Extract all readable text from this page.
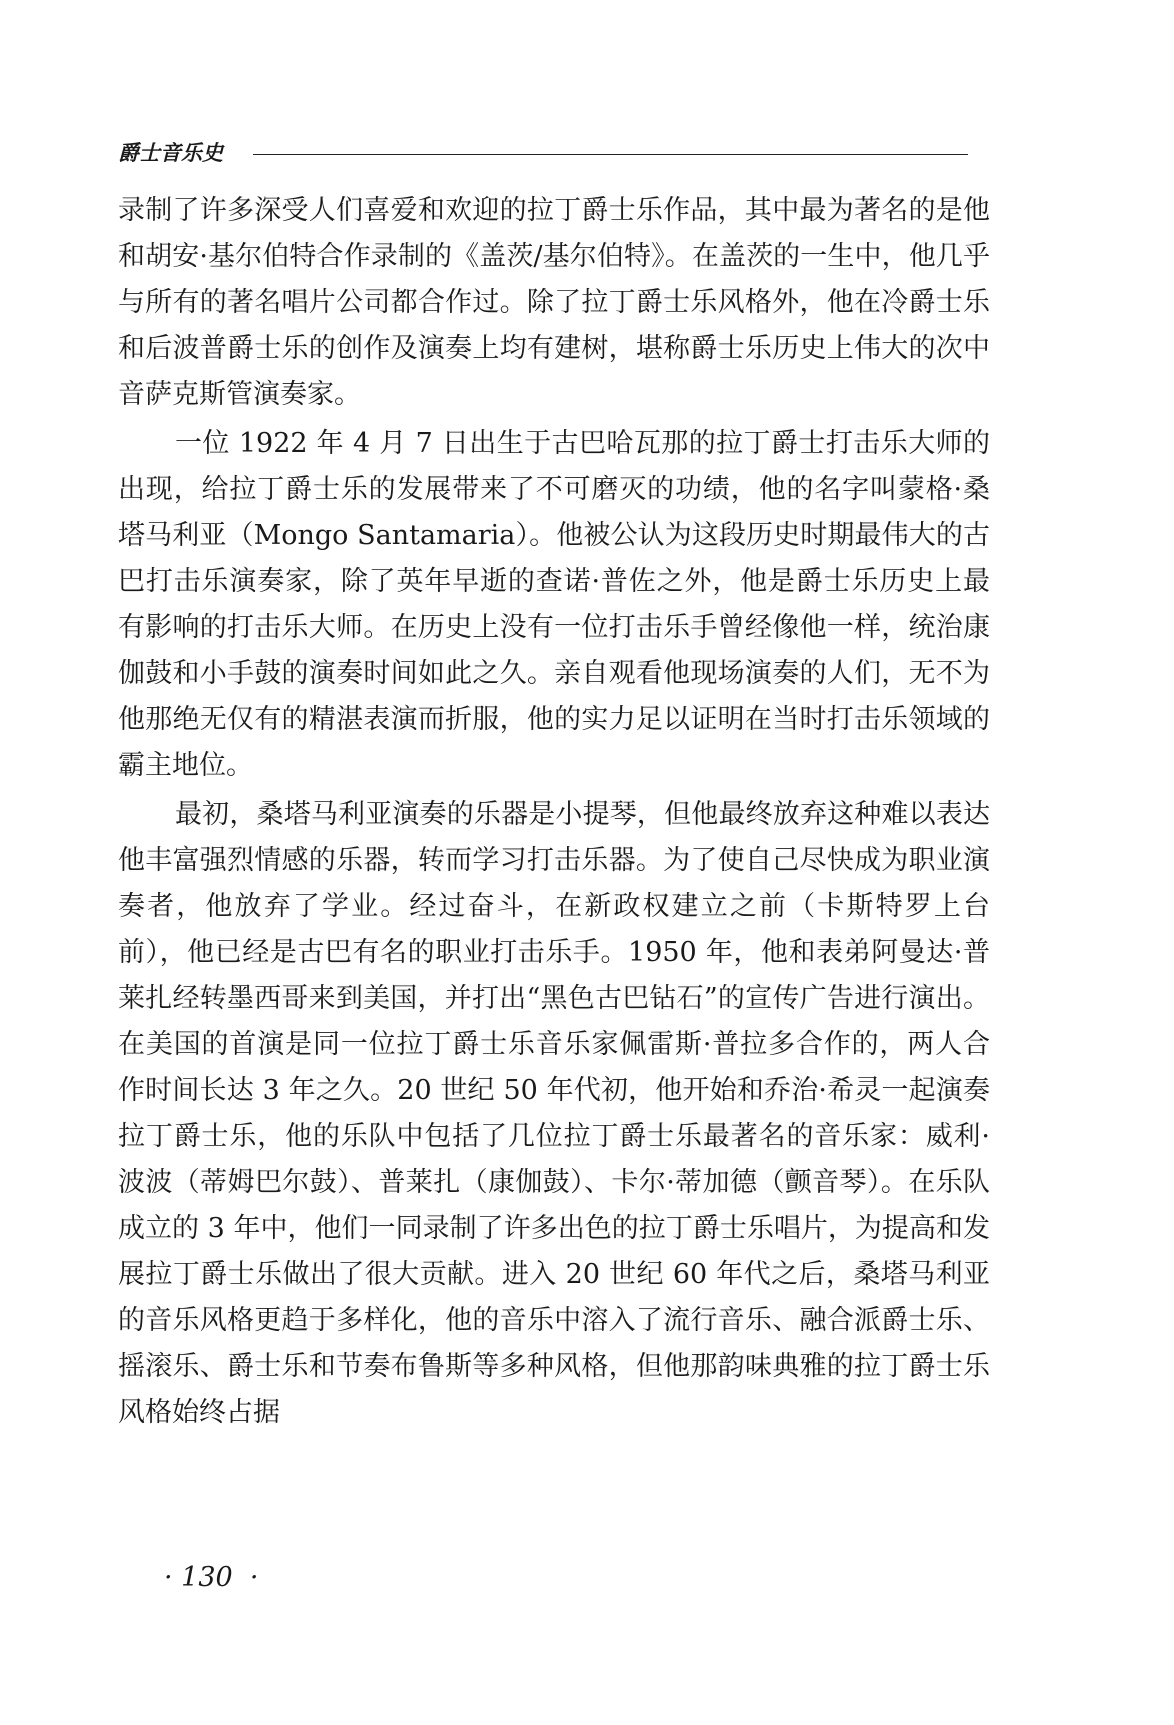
爵士音乐史

录制了许多深受人们喜爱和欢迎的拉丁爵士乐作品，其中最为著名的是他和胡安·基尔伯特合作录制的《盖茨/基尔伯特》。在盖茨的一生中，他几乎与所有的著名唱片公司都合作过。除了拉丁爵士乐风格外，他在冷爵士乐和后波普爵士乐的创作及演奏上均有建树，堪称爵士乐历史上伟大的次中音萨克斯管演奏家。

一位 1922 年 4 月 7 日出生于古巴哈瓦那的拉丁爵士打击乐大师的出现，给拉丁爵士乐的发展带来了不可磨灭的功绩，他的名字叫蒙格·桑塔马利亚（Mongo Santamaria）。他被公认为这段历史时期最伟大的古巴打击乐演奏家，除了英年早逝的查诺·普佐之外，他是爵士乐历史上最有影响的打击乐大师。在历史上没有一位打击乐手曾经像他一样，统治康伽鼓和小手鼓的演奏时间如此之久。亲自观看他现场演奏的人们，无不为他那绝无仅有的精湛表演而折服，他的实力足以证明在当时打击乐领域的霸主地位。

最初，桑塔马利亚演奏的乐器是小提琴，但他最终放弃这种难以表达他丰富强烈情感的乐器，转而学习打击乐器。为了使自己尽快成为职业演奏者，他放弃了学业。经过奋斗，在新政权建立之前（卡斯特罗上台前），他已经是古巴有名的职业打击乐手。1950 年，他和表弟阿曼达·普莱扎经转墨西哥来到美国，并打出“黑色古巴钻石”的宣传广告进行演出。在美国的首演是同一位拉丁爵士乐音乐家佩雷斯·普拉多合作的，两人合作时间长达 3 年之久。20 世纪 50 年代初，他开始和乔治·希灵一起演奏拉丁爵士乐，他的乐队中包括了几位拉丁爵士乐最著名的音乐家：威利·波波（蒂姆巴尔鼓）、普莱扎（康伽鼓）、卡尔·蒂加德（颤音琴）。在乐队成立的 3 年中，他们一同录制了许多出色的拉丁爵士乐唱片，为提高和发展拉丁爵士乐做出了很大贡献。进入 20 世纪 60 年代之后，桑塔马利亚的音乐风格更趋于多样化，他的音乐中溶入了流行音乐、融合派爵士乐、摇滚乐、爵士乐和节奏布鲁斯等多种风格，但他那韵味典雅的拉丁爵士乐风格始终占据

· 130  ·
